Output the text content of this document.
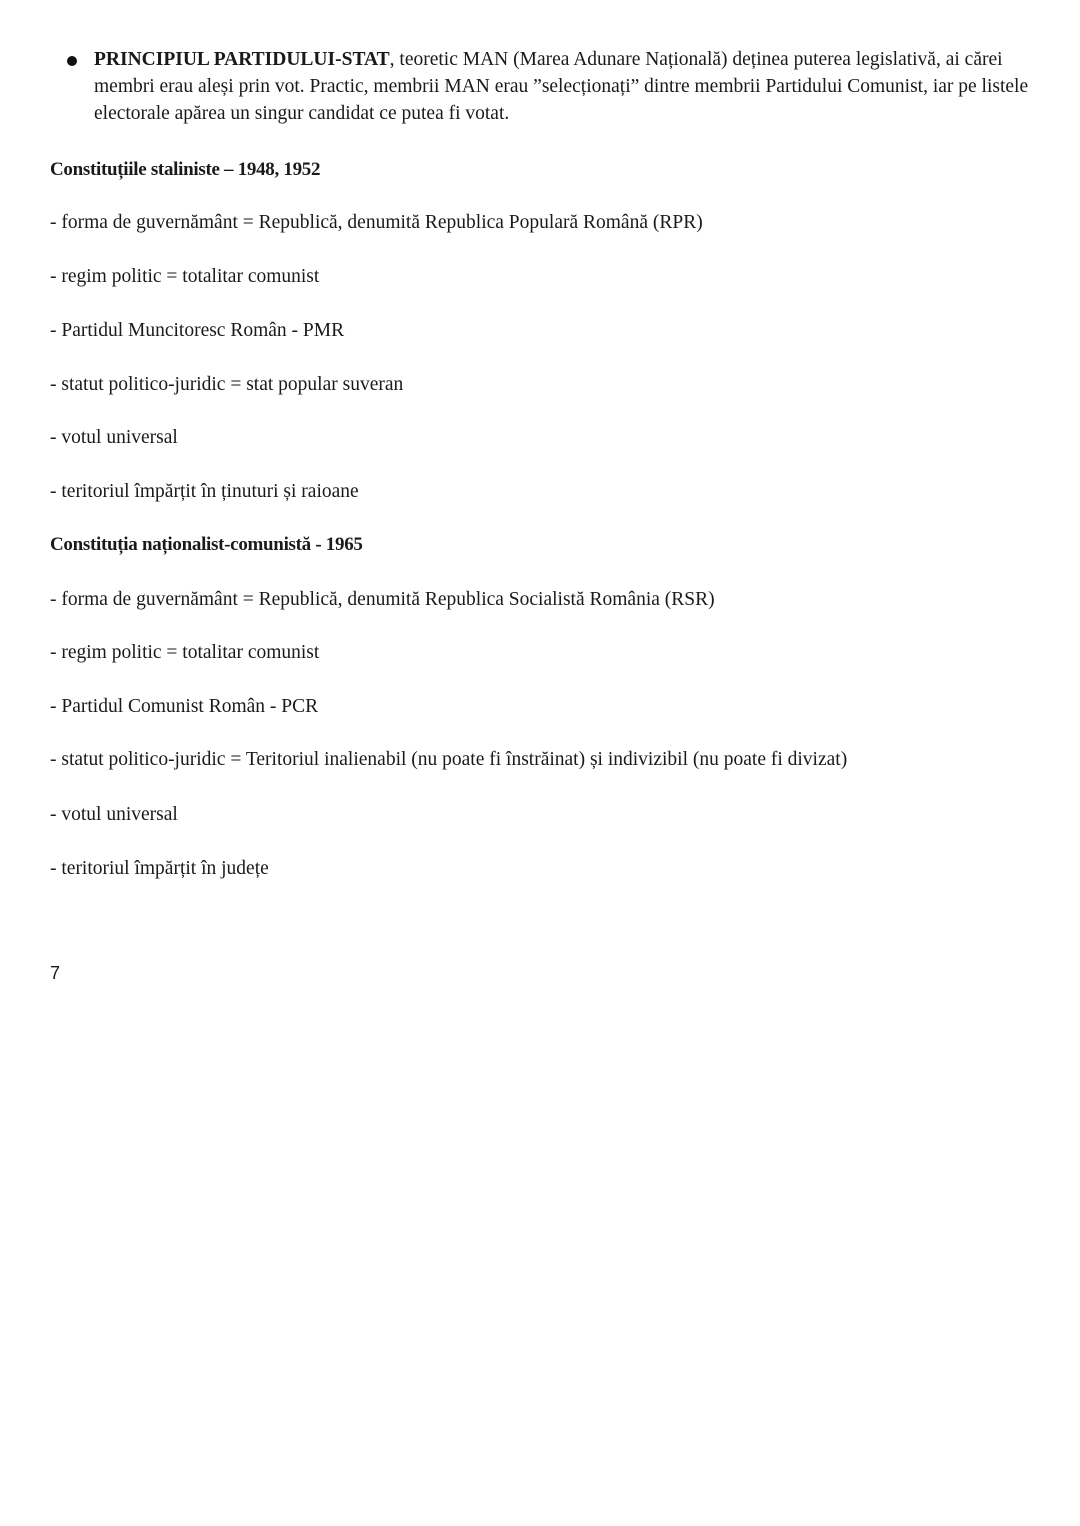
PRINCIPIUL PARTIDULUI-STAT, teoretic MAN (Marea Adunare Națională) deținea puterea legislativă, ai cărei membri erau aleși prin vot. Practic, membrii MAN erau ”selecționați” dintre membrii Partidului Comunist, iar pe listele electorale apărea un singur candidat ce putea fi votat.
Constituțiile staliniste – 1948, 1952
- forma de guvernământ = Republică, denumită Republica Populară Română (RPR)
- regim politic = totalitar comunist
- Partidul Muncitoresc Român - PMR
- statut politico-juridic = stat popular suveran
- votul universal
- teritoriul împărțit în ținuturi și raioane
Constituția naționalist-comunistă - 1965
- forma de guvernământ = Republică, denumită Republica Socialistă România (RSR)
- regim politic = totalitar comunist
- Partidul Comunist Român - PCR
- statut politico-juridic = Teritoriul inalienabil (nu poate fi înstrăinat) și indivizibil (nu poate fi divizat)
- votul universal
- teritoriul împărțit în județe
7
